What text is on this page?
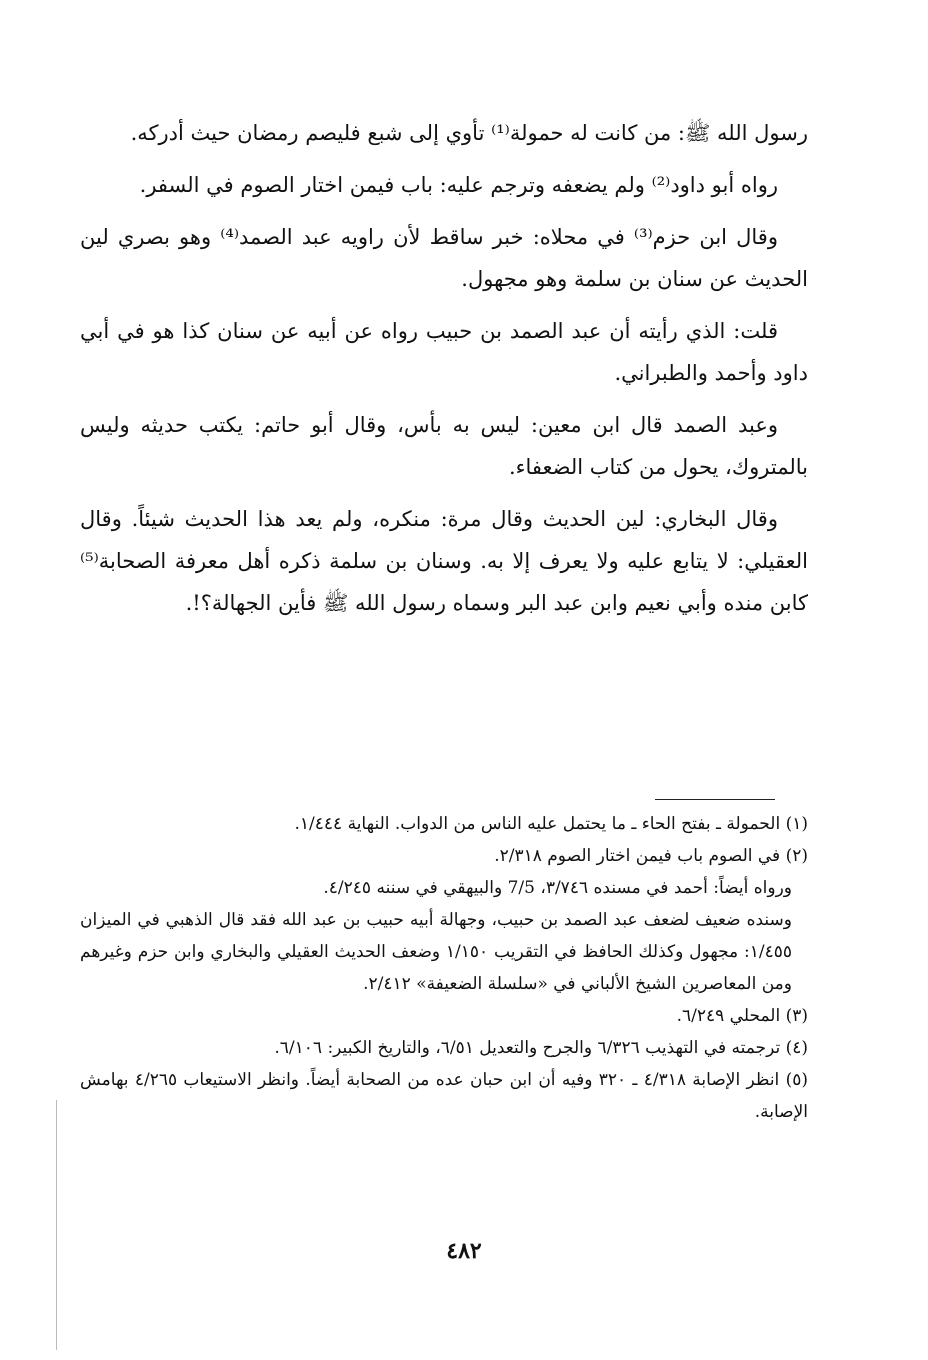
رسول الله ﷺ: من كانت له حمولة⁽¹⁾ تأوي إلى شبع فليصم رمضان حيث أدركه.

رواه أبو داود⁽²⁾ ولم يضعفه وترجم عليه: باب فيمن اختار الصوم في السفر.

وقال ابن حزم⁽³⁾ في محلاه: خبر ساقط لأن راويه عبد الصمد⁽⁴⁾ وهو بصري لين الحديث عن سنان بن سلمة وهو مجهول.

قلت: الذي رأيته أن عبد الصمد بن حبيب رواه عن أبيه عن سنان كذا هو في أبي داود وأحمد والطبراني.

وعبد الصمد قال ابن معين: ليس به بأس، وقال أبو حاتم: يكتب حديثه وليس بالمتروك، يحول من كتاب الضعفاء.

وقال البخاري: لين الحديث وقال مرة: منكره، ولم يعد هذا الحديث شيئاً. وقال العقيلي: لا يتابع عليه ولا يعرف إلا به. وسنان بن سلمة ذكره أهل معرفة الصحابة⁽⁵⁾ كابن منده وأبي نعيم وابن عبد البر وسماه رسول الله ﷺ فأين الجهالة؟!.

(١) الحمولة ـ بفتح الحاء ـ ما يحتمل عليه الناس من الدواب. النهاية ١/٤٤٤.

(٢) في الصوم باب فيمن اختار الصوم ٢/٣١٨.

ورواه أيضاً: أحمد في مسنده ٣/٧٤٦، 7/5 والبيهقي في سننه ٤/٢٤٥.

وسنده ضعيف لضعف عبد الصمد بن حبيب، وجهالة أبيه حبيب بن عبد الله فقد قال الذهبي في الميزان ١/٤٥٥: مجهول وكذلك الحافظ في التقريب ١/١٥٠ وضعف الحديث العقيلي والبخاري وابن حزم وغيرهم ومن المعاصرين الشيخ الألباني في «سلسلة الضعيفة» ٢/٤١٢.

(٣) المحلي ٦/٢٤٩.

(٤) ترجمته في التهذيب ٦/٣٢٦ والجرح والتعديل ٦/٥١، والتاريخ الكبير: ٦/١٠٦.

(٥) انظر الإصابة ٤/٣١٨ ـ ٣٢٠ وفيه أن ابن حبان عده من الصحابة أيضاً. وانظر الاستيعاب ٤/٢٦٥ بهامش الإصابة.

٤٨٢
